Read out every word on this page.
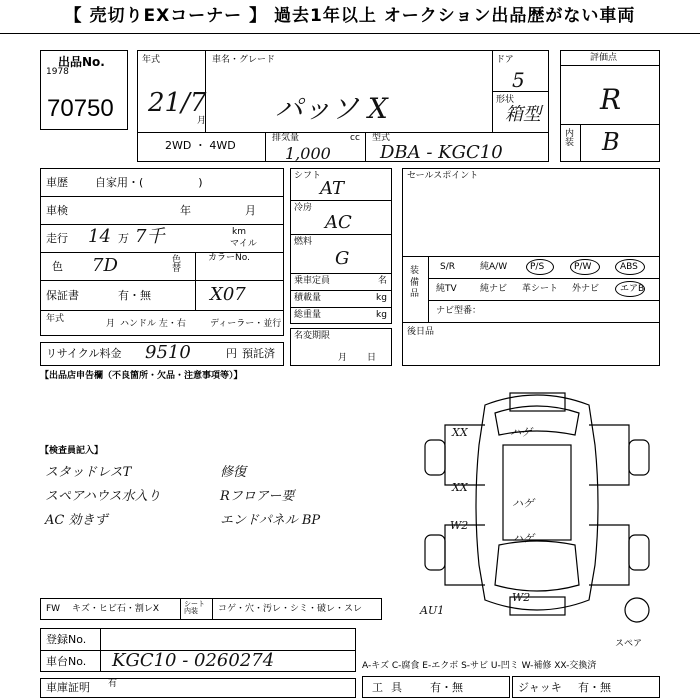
【 売切りEXコーナー 】 過去1年以上 オークション出品歴がない車両
出品No.
1978
70750
年式
21/7
月
車名・グレード
パッソ X
ドア
5
形状
箱型
2WD ・ 4WD
排気量	cc
1,000
型式
DBA - KGC10
評価点
R
内装 B
車歴 自家用・(　　　　　)
車検	年	月
走行 14 万 7千	km
マイル
色 7D	色替
カラーNo.
保証書	有・無	X07
年式	月 ハンドル 左・右	ディーラー・並行
シフト
AT
冷房
AC
燃料
G
乗車定員	名
積載量	kg
総重量	kg
名変期限
月日
セールスポイント
装備品
S/R	純A/W	P/S	P/W	ABS
純TV	純ナビ 革シート 外ナビ エアB
ナビ型番：
後日品
リサイクル料金 9510	円 預託済
【出品店申告欄（不良箇所・欠品・注意事項等）】
【検査員記入】
スタッドレスT
スペアハウス水入り
AC 効きず
修復
Rフロアー要
エンドパネル BP
FW キズ・ヒビ石・割レX	シート内装	コゲ・穴・汚レ・シミ・破レ・スレ
登録No.
車台No. KGC10 - 0260274
車庫証明 有
A-キズ C-腐食 E-エクボ S-サビ U-凹ミ W-補修 XX-交換済
工具 有・無	ジャッキ 有・無
XX	ハゲ
XX
ハゲ
W2
ハゲ
W2
AU1
スペア
